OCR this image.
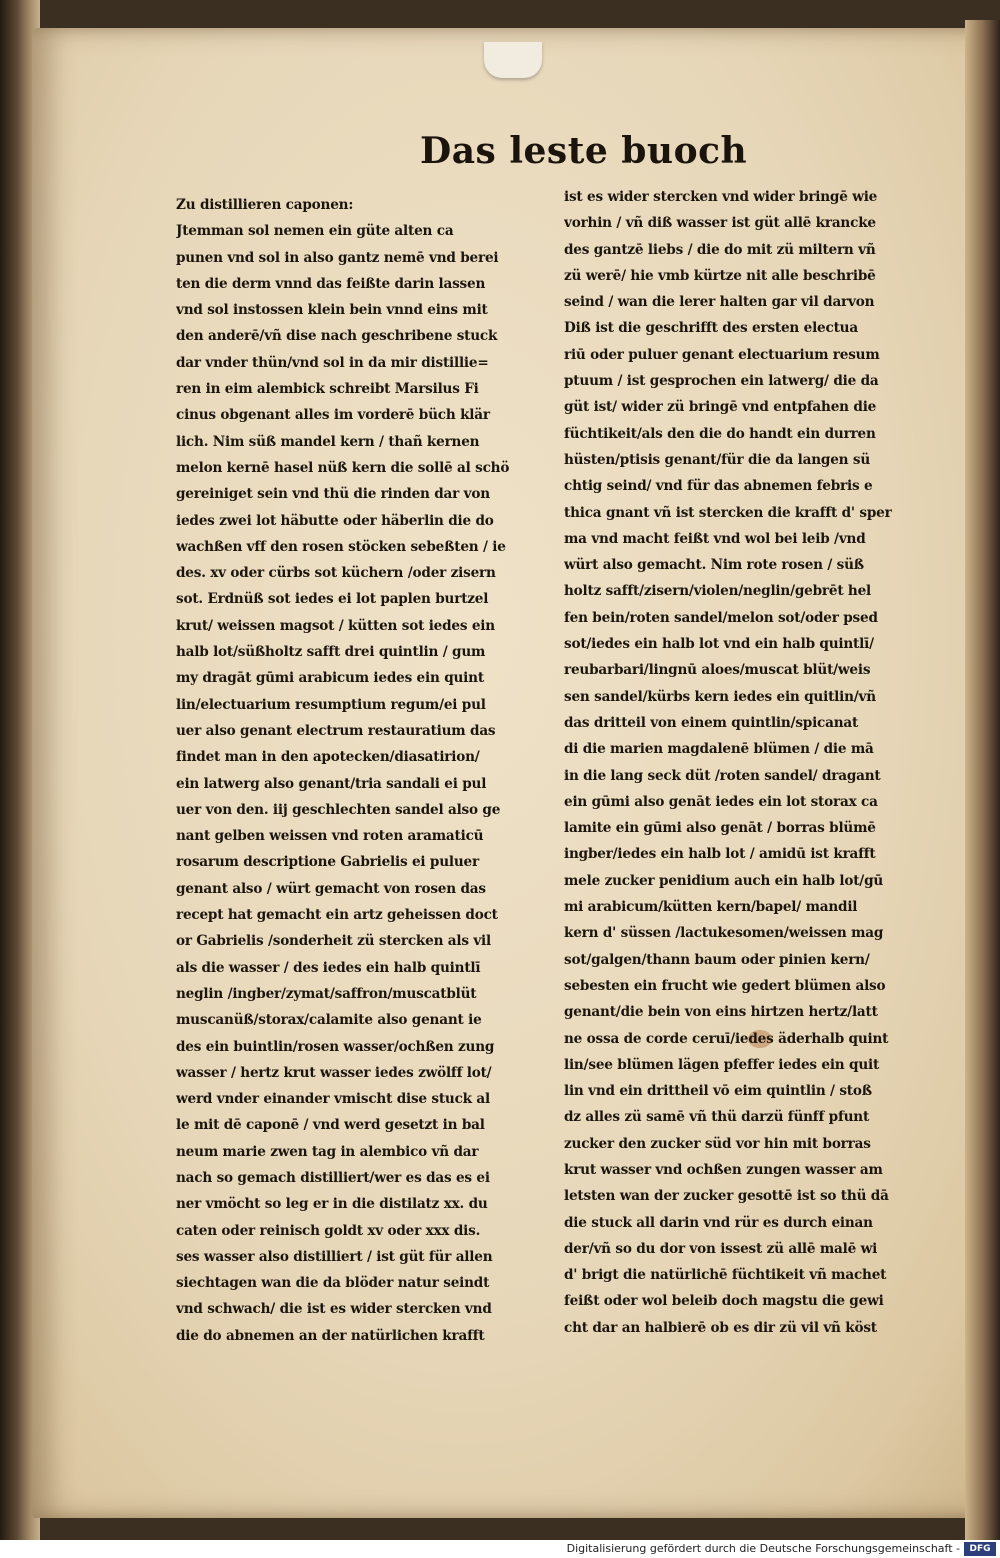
Das leste buoch
Zu distillieren caponen:
Jtemman sol nemen ein güte alten ca
punen vnd sol in also gantz nemē vnd berei
ten die derm vnnd das feißte darin lassen
vnd sol instossen klein bein vnnd eins mit
den anderē/vñ dise nach geschribene stuck
dar vnder thün/vnd sol in da mir distillie=
ren in eim alembick schreibt Marsilus Fi
cinus obgenant alles im vorderē büch klär
lich. Nim süß mandel kern / thañ kernen
melon kernē hasel nüß kern die sollē al schö
gereiniget sein vnd thü die rinden dar von
iedes zwei lot häbutte oder häberlin die do
wachßen vff den rosen stöcken sebeßten / ie
des. xv oder cürbs sot küchern /oder zisern
sot. Erdnüß sot iedes ei lot paplen burtzel
krut/ weissen magsot / kütten sot iedes ein
halb lot/süßholtz safft drei quintlin / gum
my dragāt gūmi arabicum iedes ein quint
lin/electuarium resumptium regum/ei pul
uer also genant electrum restauratium das
findet man in den apotecken/diasatirion/
ein latwerg also genant/tria sandali ei pul
uer von den. iij geschlechten sandel also ge
nant gelben weissen vnd roten aramaticū
rosarum descriptione Gabrielis ei puluer
genant also / würt gemacht von rosen das
recept hat gemacht ein artz geheissen doct
or Gabrielis /sonderheit zü stercken als vil
als die wasser / des iedes ein halb quintlī
neglin /ingber/zymat/saffron/muscatblüt
muscanüß/storax/calamite also genant ie
des ein buintlin/rosen wasser/ochßen zung
wasser / hertz krut wasser iedes zwölff lot/
werd vnder einander vmischt dise stuck al
le mit dē caponē / vnd werd gesetzt in bal
neum marie zwen tag in alembico vñ dar
nach so gemach distilliert/wer es das es ei
ner vmöcht so leg er in die distilatz xx. du
caten oder reinisch goldt xv oder xxx dis.
ses wasser also distilliert / ist güt für allen
siechtagen wan die da blöder natur seindt
vnd schwach/ die ist es wider stercken vnd
die do abnemen an der natürlichen krafft
ist es wider stercken vnd wider bringē wie
vorhin / vñ diß wasser ist güt allē krancke
des gantzē liebs / die do mit zü miltern vñ
zü werē/ hie vmb kürtze nit alle beschribē
seind / wan die lerer halten gar vil darvon
Diß ist die geschrifft des ersten electua
riū oder puluer genant electuarium resum
ptuum / ist gesprochen ein latwerg/ die da
güt ist/ wider zü bringē vnd entpfahen die
füchtikeit/als den die do handt ein durren
hüsten/ptisis genant/für die da langen sü
chtig seind/ vnd für das abnemen febris e
thica gnant vñ ist stercken die krafft d' sper
ma vnd macht feißt vnd wol bei leib /vnd
würt also gemacht. Nim rote rosen / süß
holtz safft/zisern/violen/neglin/gebrēt hel
fen bein/roten sandel/melon sot/oder psed
sot/iedes ein halb lot vnd ein halb quintlī/
reubarbari/lingnū aloes/muscat blüt/weis
sen sandel/kürbs kern iedes ein quitlin/vñ
das dritteil von einem quintlin/spicanat
di die marien magdalenē blümen / die mā
in die lang seck düt /roten sandel/ dragant
ein gūmi also genāt iedes ein lot storax ca
lamite ein gūmi also genāt / borras blümē
ingber/iedes ein halb lot / amidū ist krafft
mele zucker penidium auch ein halb lot/gū
mi arabicum/kütten kern/bapel/ mandil
kern d' süssen /lactukesomen/weissen mag
sot/galgen/thann baum oder pinien kern/
sebesten ein frucht wie gedert blümen also
genant/die bein von eins hirtzen hertz/latt
ne ossa de corde ceruī/iedes äderhalb quint
lin/see blümen lägen pfeffer iedes ein quit
lin vnd ein drittheil vō eim quintlin / stoß
dz alles zü samē vñ thü darzü fünff pfunt
zucker den zucker süd vor hin mit borras
krut wasser vnd ochßen zungen wasser am
letsten wan der zucker gesottē ist so thü dā
die stuck all darin vnd rür es durch einan
der/vñ so du dor von issest zü allē malē wi
d' brigt die natürlichē füchtikeit vñ machet
feißt oder wol beleib doch magstu die gewi
cht dar an halbierē ob es dir zü vil vñ köst
Digitalisierung gefördert durch die Deutsche Forschungsgemeinschaft -	DFG
